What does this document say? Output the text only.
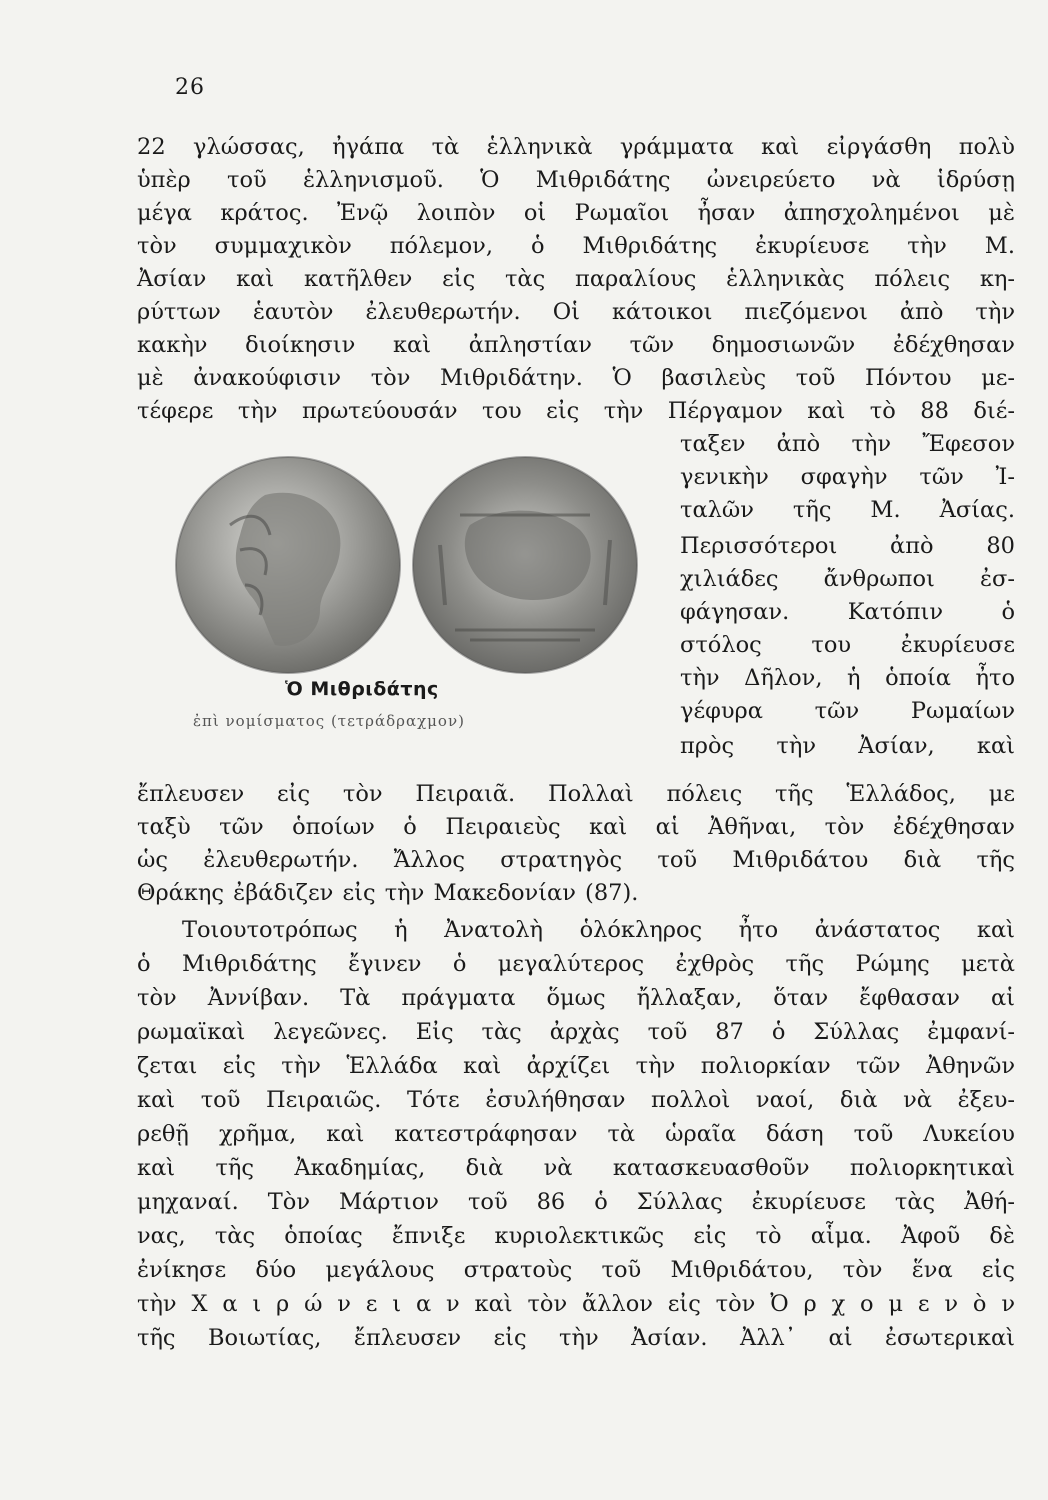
26
22 γλώσσας, ἠγάπα τὰ ἑλληνικὰ γράμματα καὶ εἰργάσθη πολὺ
ὑπὲρ τοῦ ἑλληνισμοῦ. Ὁ Μιθριδάτης ὠνειρεύετο νὰ ἱδρύσῃ
μέγα κράτος. Ἐνῷ λοιπὸν οἱ Ρωμαῖοι ἦσαν ἀπησχολημένοι μὲ
τὸν συμμαχικὸν πόλεμον, ὁ Μιθριδάτης ἐκυρίευσε τὴν Μ.
Ἀσίαν καὶ κατῆλθεν εἰς τὰς παραλίους ἑλληνικὰς πόλεις κη-
ρύττων ἑαυτὸν ἐλευθερωτήν. Οἱ κάτοικοι πιεζόμενοι ἀπὸ τὴν
κακὴν διοίκησιν καὶ ἀπληστίαν τῶν δημοσιωνῶν ἐδέχθησαν
μὲ ἀνακούφισιν τὸν Μιθριδάτην. Ὁ βασιλεὺς τοῦ Πόντου με-
τέφερε τὴν πρωτεύουσάν του εἰς τὴν Πέργαμον καὶ τὸ 88 διέ-
ταξεν ἀπὸ τὴν Ἔφεσον
γενικὴν σφαγὴν τῶν Ἰ-
ταλῶν τῆς Μ. Ἀσίας.
Περισσότεροι ἀπὸ 80
χιλιάδες ἄνθρωποι ἐσ-
φάγησαν. Κατόπιν ὁ
στόλος του ἐκυρίευσε
τὴν Δῆλον, ἡ ὁποία ἦτο
γέφυρα τῶν Ρωμαίων
πρὸς τὴν Ἀσίαν, καὶ
Ὁ Μιθριδάτης
ἐπὶ νομίσματος (τετράδραχμον)
ἔπλευσεν εἰς τὸν Πειραιᾶ. Πολλαὶ πόλεις τῆς Ἑλλάδος, με
ταξὺ τῶν ὁποίων ὁ Πειραιεὺς καὶ αἱ Ἀθῆναι, τὸν ἐδέχθησαν
ὡς ἐλευθερωτήν. Ἄλλος στρατηγὸς τοῦ Μιθριδάτου διὰ τῆς
Θράκης ἐβάδιζεν εἰς τὴν Μακεδονίαν (87).
Τοιουτοτρόπως ἡ Ἀνατολὴ ὁλόκληρος ἦτο ἀνάστατος καὶ
ὁ Μιθριδάτης ἔγινεν ὁ μεγαλύτερος ἐχθρὸς τῆς Ρώμης μετὰ
τὸν Ἀννίβαν. Τὰ πράγματα ὅμως ἤλλαξαν, ὅταν ἔφθασαν αἱ
ρωμαϊκαὶ λεγεῶνες. Εἰς τὰς ἀρχὰς τοῦ 87 ὁ Σύλλας ἐμφανί-
ζεται εἰς τὴν Ἑλλάδα καὶ ἀρχίζει τὴν πολιορκίαν τῶν Ἀθηνῶν
καὶ τοῦ Πειραιῶς. Τότε ἐσυλήθησαν πολλοὶ ναοί, διὰ νὰ ἐξευ-
ρεθῇ χρῆμα, καὶ κατεστράφησαν τὰ ὡραῖα δάση τοῦ Λυκείου
καὶ τῆς Ἀκαδημίας, διὰ νὰ κατασκευασθοῦν πολιορκητικαὶ
μηχαναί. Τὸν Μάρτιον τοῦ 86 ὁ Σύλλας ἐκυρίευσε τὰς Ἀθή-
νας, τὰς ὁποίας ἔπνιξε κυριολεκτικῶς εἰς τὸ αἷμα. Ἀφοῦ δὲ
ἐνίκησε δύο μεγάλους στρατοὺς τοῦ Μιθριδάτου, τὸν ἕνα εἰς
τὴν Χ α ι ρ ώ ν ε ι α ν καὶ τὸν ἄλλον εἰς τὸν Ὀ ρ χ ο μ ε ν ὸ ν
τῆς Βοιωτίας, ἔπλευσεν εἰς τὴν Ἀσίαν. Ἀλλ᾽ αἱ ἐσωτερικαὶ
